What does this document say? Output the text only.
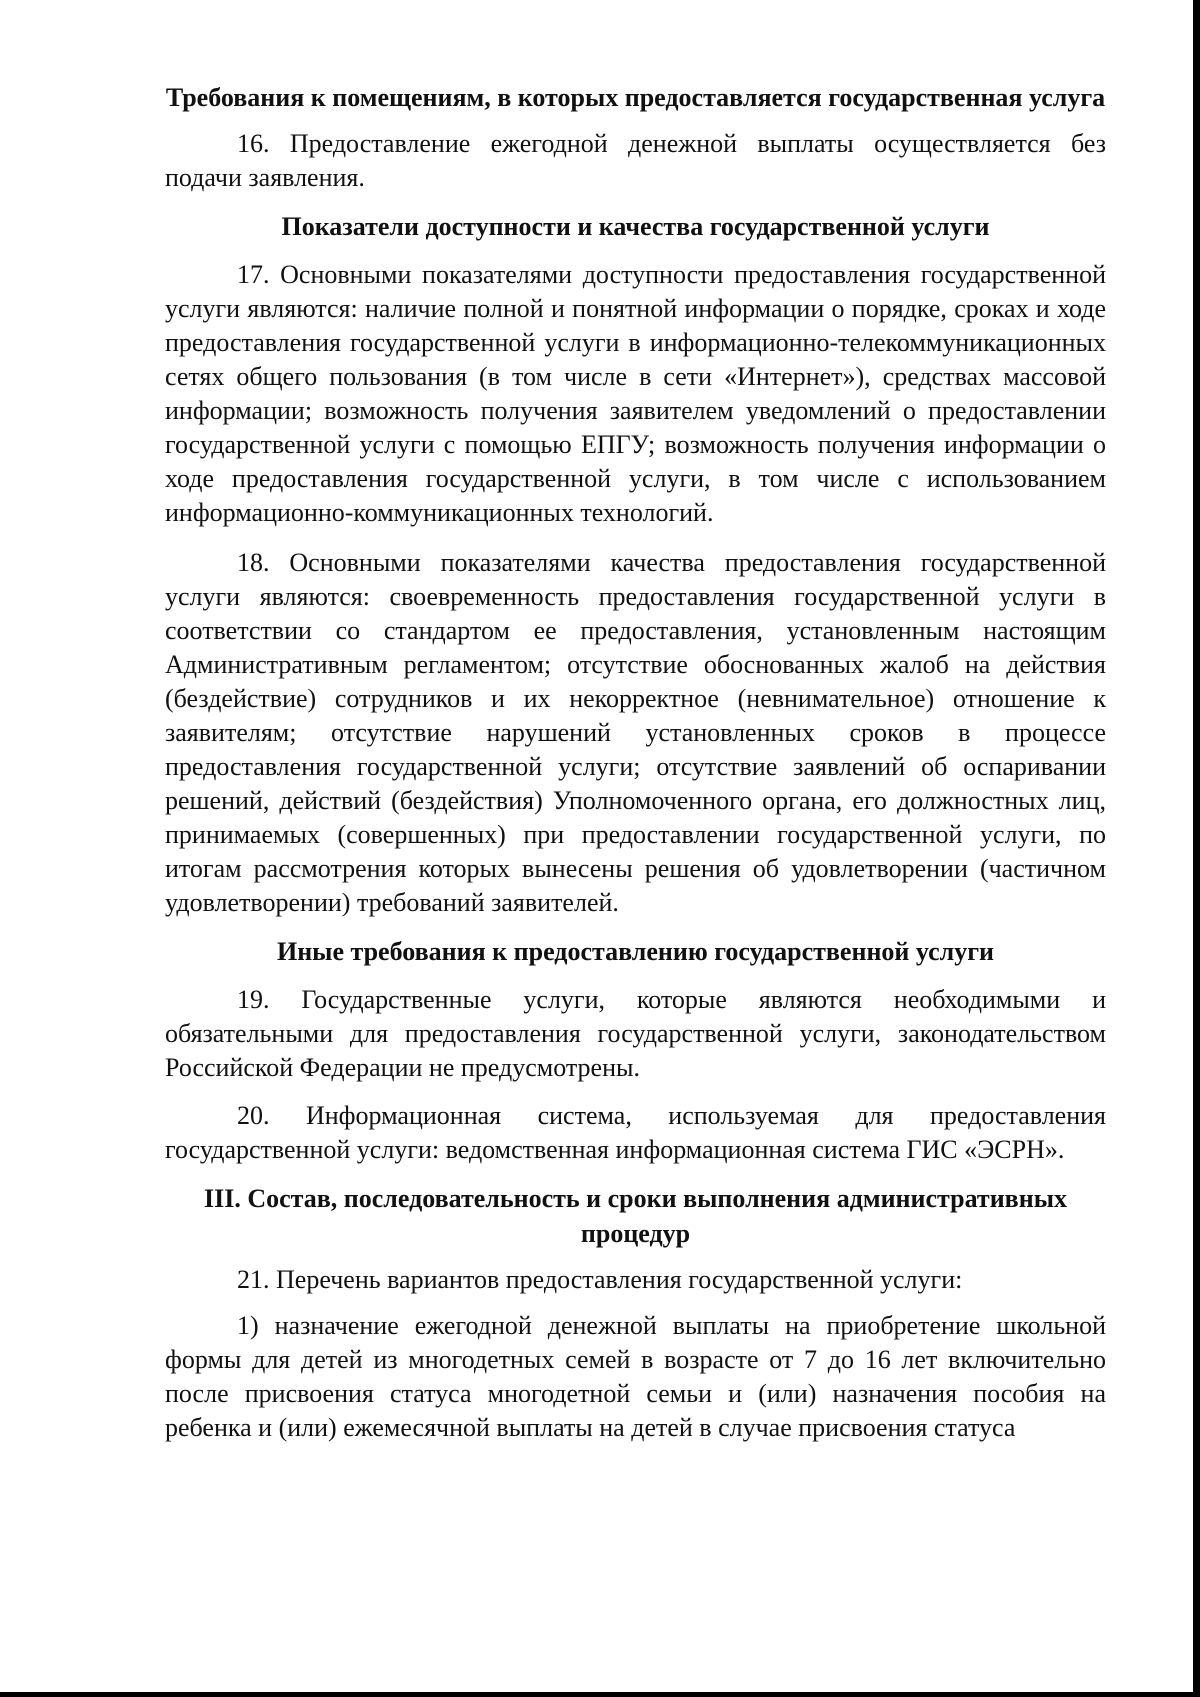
Требования к помещениям, в которых предоставляется государственная услуга

16. Предоставление ежегодной денежной выплаты осуществляется без подачи заявления.

Показатели доступности и качества государственной услуги

17. Основными показателями доступности предоставления государственной услуги являются: наличие полной и понятной информации о порядке, сроках и ходе предоставления государственной услуги в информационно-телекоммуникационных сетях общего пользования (в том числе в сети «Интернет»), средствах массовой информации; возможность получения заявителем уведомлений о предоставлении государственной услуги с помощью ЕПГУ; возможность получения информации о ходе предоставления государственной услуги, в том числе с использованием информационно-коммуникационных технологий.

18. Основными показателями качества предоставления государственной услуги являются: своевременность предоставления государственной услуги в соответствии со стандартом ее предоставления, установленным настоящим Административным регламентом; отсутствие обоснованных жалоб на действия (бездействие) сотрудников и их некорректное (невнимательное) отношение к заявителям; отсутствие нарушений установленных сроков в процессе предоставления государственной услуги; отсутствие заявлений об оспаривании решений, действий (бездействия) Уполномоченного органа, его должностных лиц, принимаемых (совершенных) при предоставлении государственной услуги, по итогам рассмотрения которых вынесены решения об удовлетворении (частичном удовлетворении) требований заявителей.

Иные требования к предоставлению государственной услуги

19. Государственные услуги, которые являются необходимыми и обязательными для предоставления государственной услуги, законодательством Российской Федерации не предусмотрены.

20. Информационная система, используемая для предоставления государственной услуги: ведомственная информационная система ГИС «ЭСРН».

III. Состав, последовательность и сроки выполнения административных процедур

21. Перечень вариантов предоставления государственной услуги:

1) назначение ежегодной денежной выплаты на приобретение школьной формы для детей из многодетных семей в возрасте от 7 до 16 лет включительно после присвоения статуса многодетной семьи и (или) назначения пособия на ребенка и (или) ежемесячной выплаты на детей в случае присвоения статуса
